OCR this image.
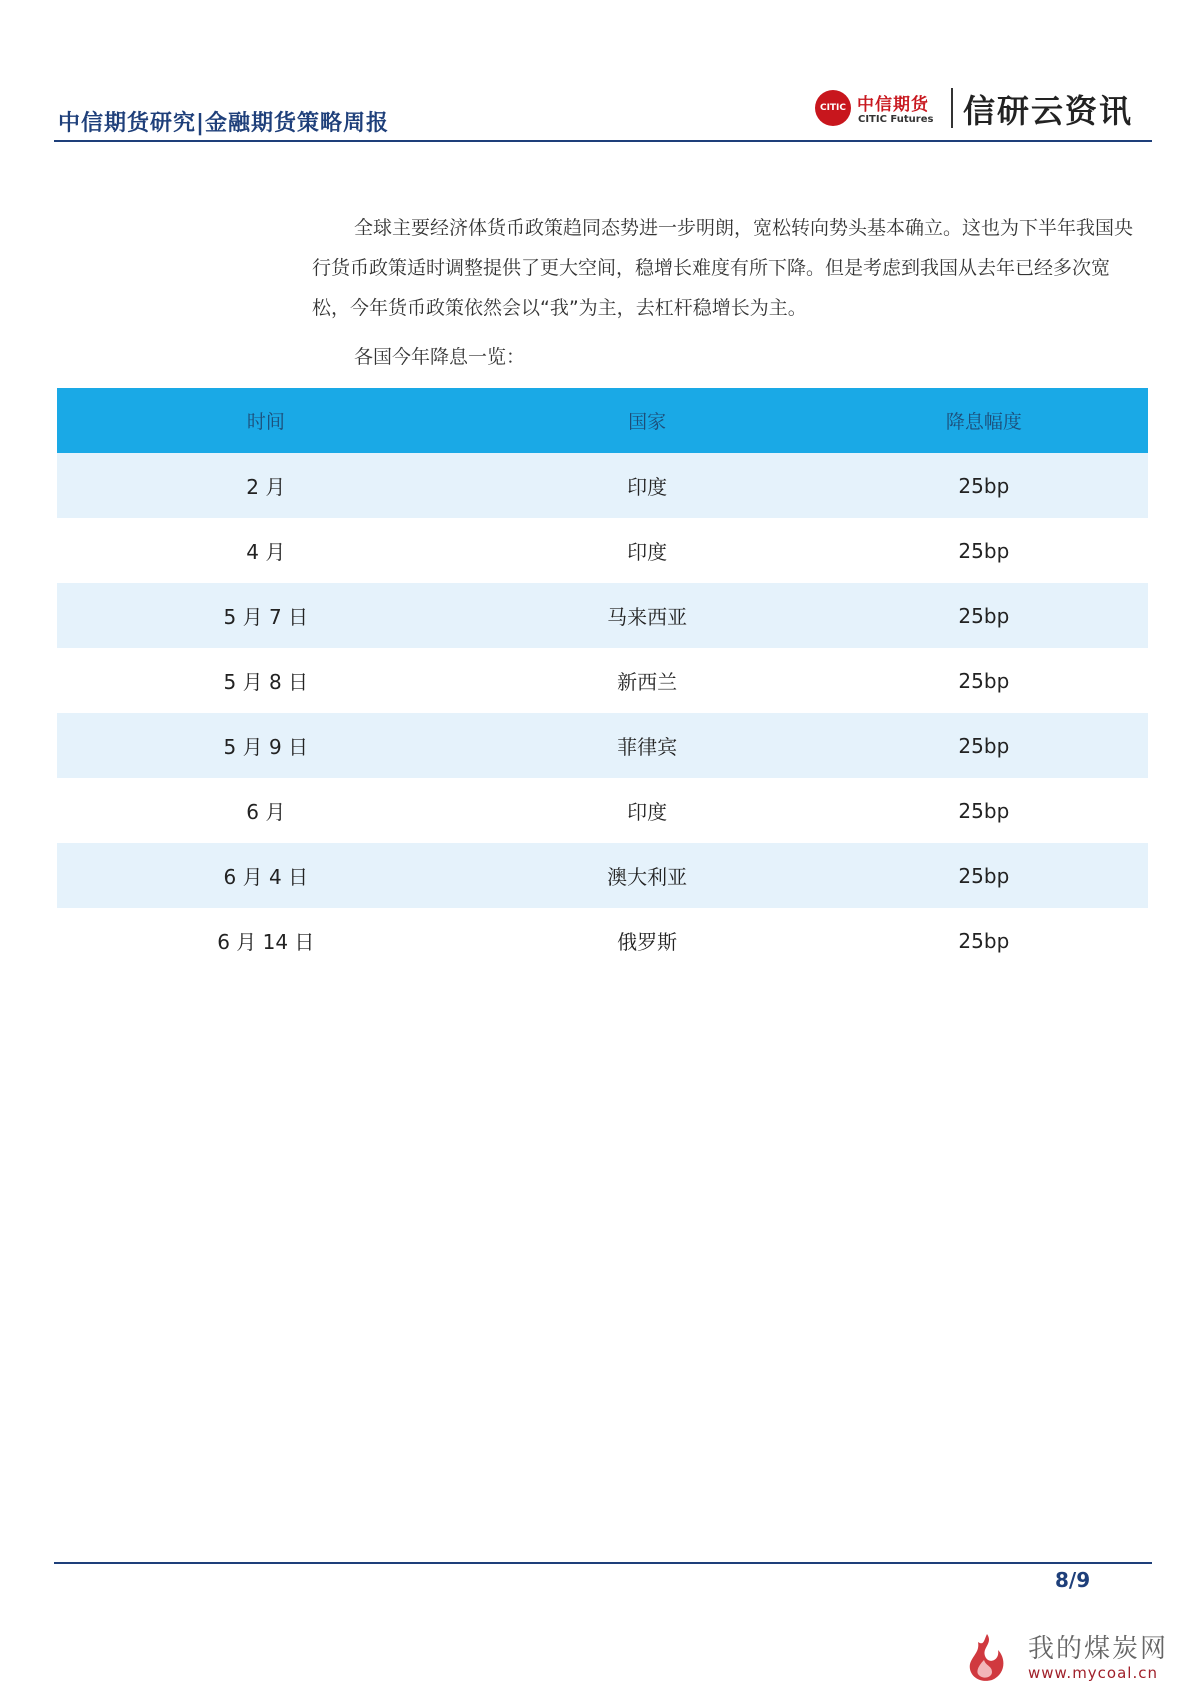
中信期货研究|金融期货策略周报
CITIC 中信期货
CITIC Futures 信研云资讯

全球主要经济体货币政策趋同态势进一步明朗，宽松转向势头基本确立。这也为下半年我国央行货币政策适时调整提供了更大空间，稳增长难度有所下降。但是考虑到我国从去年已经多次宽松，今年货币政策依然会以“我”为主，去杠杆稳增长为主。

各国今年降息一览：
时间	国家	降息幅度
2 月	印度	25bp
4 月	印度	25bp
5 月 7 日	马来西亚	25bp
5 月 8 日	新西兰	25bp
5 月 9 日	菲律宾	25bp
6 月	印度	25bp
6 月 4 日	澳大利亚	25bp
6 月 14 日	俄罗斯	25bp
8/9
我的煤炭网
www.mycoal.cn
